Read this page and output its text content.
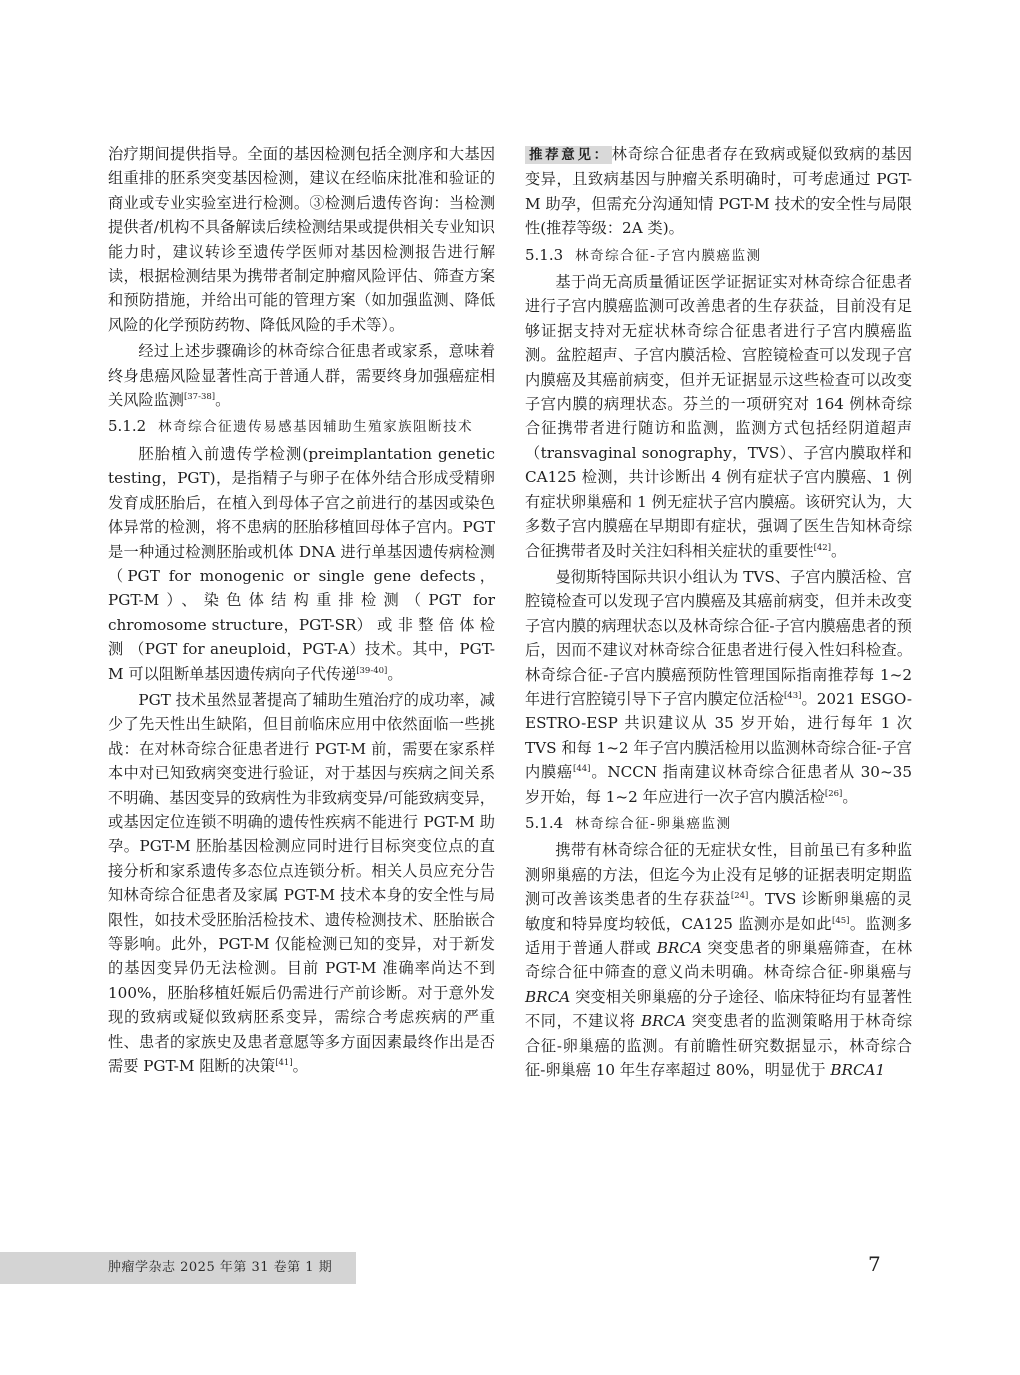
治疗期间提供指导。全面的基因检测包括全测序和大基因组重排的胚系突变基因检测，建议在经临床批准和验证的商业或专业实验室进行检测。③检测后遗传咨询：当检测提供者/机构不具备解读后续检测结果或提供相关专业知识能力时，建议转诊至遗传学医师对基因检测报告进行解读，根据检测结果为携带者制定肿瘤风险评估、筛查方案和预防措施，并给出可能的管理方案（如加强监测、降低风险的化学预防药物、降低风险的手术等）。

经过上述步骤确诊的林奇综合征患者或家系，意味着终身患癌风险显著性高于普通人群，需要终身加强癌症相关风险监测[37-38]。

5.1.2 林奇综合征遗传易感基因辅助生殖家族阻断技术

胚胎植入前遗传学检测(preimplantation genetic testing，PGT)，是指精子与卵子在体外结合形成受精卵发育成胚胎后，在植入到母体子宫之前进行的基因或染色体异常的检测，将不患病的胚胎移植回母体子宫内。PGT 是一种通过检测胚胎或机体 DNA 进行单基因遗传病检测 （PGT for monogenic or single gene defects，PGT-M）、染色体结构重排检测（PGT for chromosome structure，PGT-SR） 或 非 整 倍 体 检 测 （PGT for aneuploid，PGT-A）技术。其中，PGT-M 可以阻断单基因遗传病向子代传递[39-40]。

PGT 技术虽然显著提高了辅助生殖治疗的成功率，减少了先天性出生缺陷，但目前临床应用中依然面临一些挑战：在对林奇综合征患者进行 PGT-M 前，需要在家系样本中对已知致病突变进行验证，对于基因与疾病之间关系不明确、基因变异的致病性为非致病变异/可能致病变异，或基因定位连锁不明确的遗传性疾病不能进行 PGT-M 助孕。PGT-M 胚胎基因检测应同时进行目标突变位点的直接分析和家系遗传多态位点连锁分析。相关人员应充分告知林奇综合征患者及家属 PGT-M 技术本身的安全性与局限性，如技术受胚胎活检技术、遗传检测技术、胚胎嵌合等影响。此外，PGT-M 仅能检测已知的变异，对于新发的基因变异仍无法检测。目前 PGT-M 准确率尚达不到 100%，胚胎移植妊娠后仍需进行产前诊断。对于意外发现的致病或疑似致病胚系变异，需综合考虑疾病的严重性、患者的家族史及患者意愿等多方面因素最终作出是否需要 PGT-M 阻断的决策[41]。

推荐意见： 林奇综合征患者存在致病或疑似致病的基因变异，且致病基因与肿瘤关系明确时，可考虑通过 PGT-M 助孕，但需充分沟通知情 PGT-M 技术的安全性与局限性(推荐等级：2A 类)。

5.1.3 林奇综合征-子宫内膜癌监测

基于尚无高质量循证医学证据证实对林奇综合征患者进行子宫内膜癌监测可改善患者的生存获益，目前没有足够证据支持对无症状林奇综合征患者进行子宫内膜癌监测。盆腔超声、子宫内膜活检、宫腔镜检查可以发现子宫内膜癌及其癌前病变，但并无证据显示这些检查可以改变子宫内膜的病理状态。芬兰的一项研究对 164 例林奇综合征携带者进行随访和监测，监测方式包括经阴道超声（transvaginal sonography，TVS）、子宫内膜取样和 CA125 检测，共计诊断出 4 例有症状子宫内膜癌、1 例有症状卵巢癌和 1 例无症状子宫内膜癌。该研究认为，大多数子宫内膜癌在早期即有症状，强调了医生告知林奇综合征携带者及时关注妇科相关症状的重要性[42]。

曼彻斯特国际共识小组认为 TVS、子宫内膜活检、宫腔镜检查可以发现子宫内膜癌及其癌前病变，但并未改变子宫内膜的病理状态以及林奇综合征-子宫内膜癌患者的预后，因而不建议对林奇综合征患者进行侵入性妇科检查。林奇综合征-子宫内膜癌预防性管理国际指南推荐每 1~2 年进行宫腔镜引导下子宫内膜定位活检[43]。2021 ESGO-ESTRO-ESP 共识建议从 35 岁开始，进行每年 1 次 TVS 和每 1~2 年子宫内膜活检用以监测林奇综合征-子宫内膜癌[44]。NCCN 指南建议林奇综合征患者从 30~35 岁开始，每 1~2 年应进行一次子宫内膜活检[26]。

5.1.4 林奇综合征-卵巢癌监测

携带有林奇综合征的无症状女性，目前虽已有多种监测卵巢癌的方法，但迄今为止没有足够的证据表明定期监测可改善该类患者的生存获益[24]。TVS 诊断卵巢癌的灵敏度和特异度均较低，CA125 监测亦是如此[45]。监测多适用于普通人群或 BRCA 突变患者的卵巢癌筛查，在林奇综合征中筛查的意义尚未明确。林奇综合征-卵巢癌与 BRCA 突变相关卵巢癌的分子途径、临床特征均有显著性不同，不建议将 BRCA 突变患者的监测策略用于林奇综合征-卵巢癌的监测。有前瞻性研究数据显示，林奇综合征-卵巢癌 10 年生存率超过 80%，明显优于 BRCA1

肿瘤学杂志 2025 年第 31 卷第 1 期	7
